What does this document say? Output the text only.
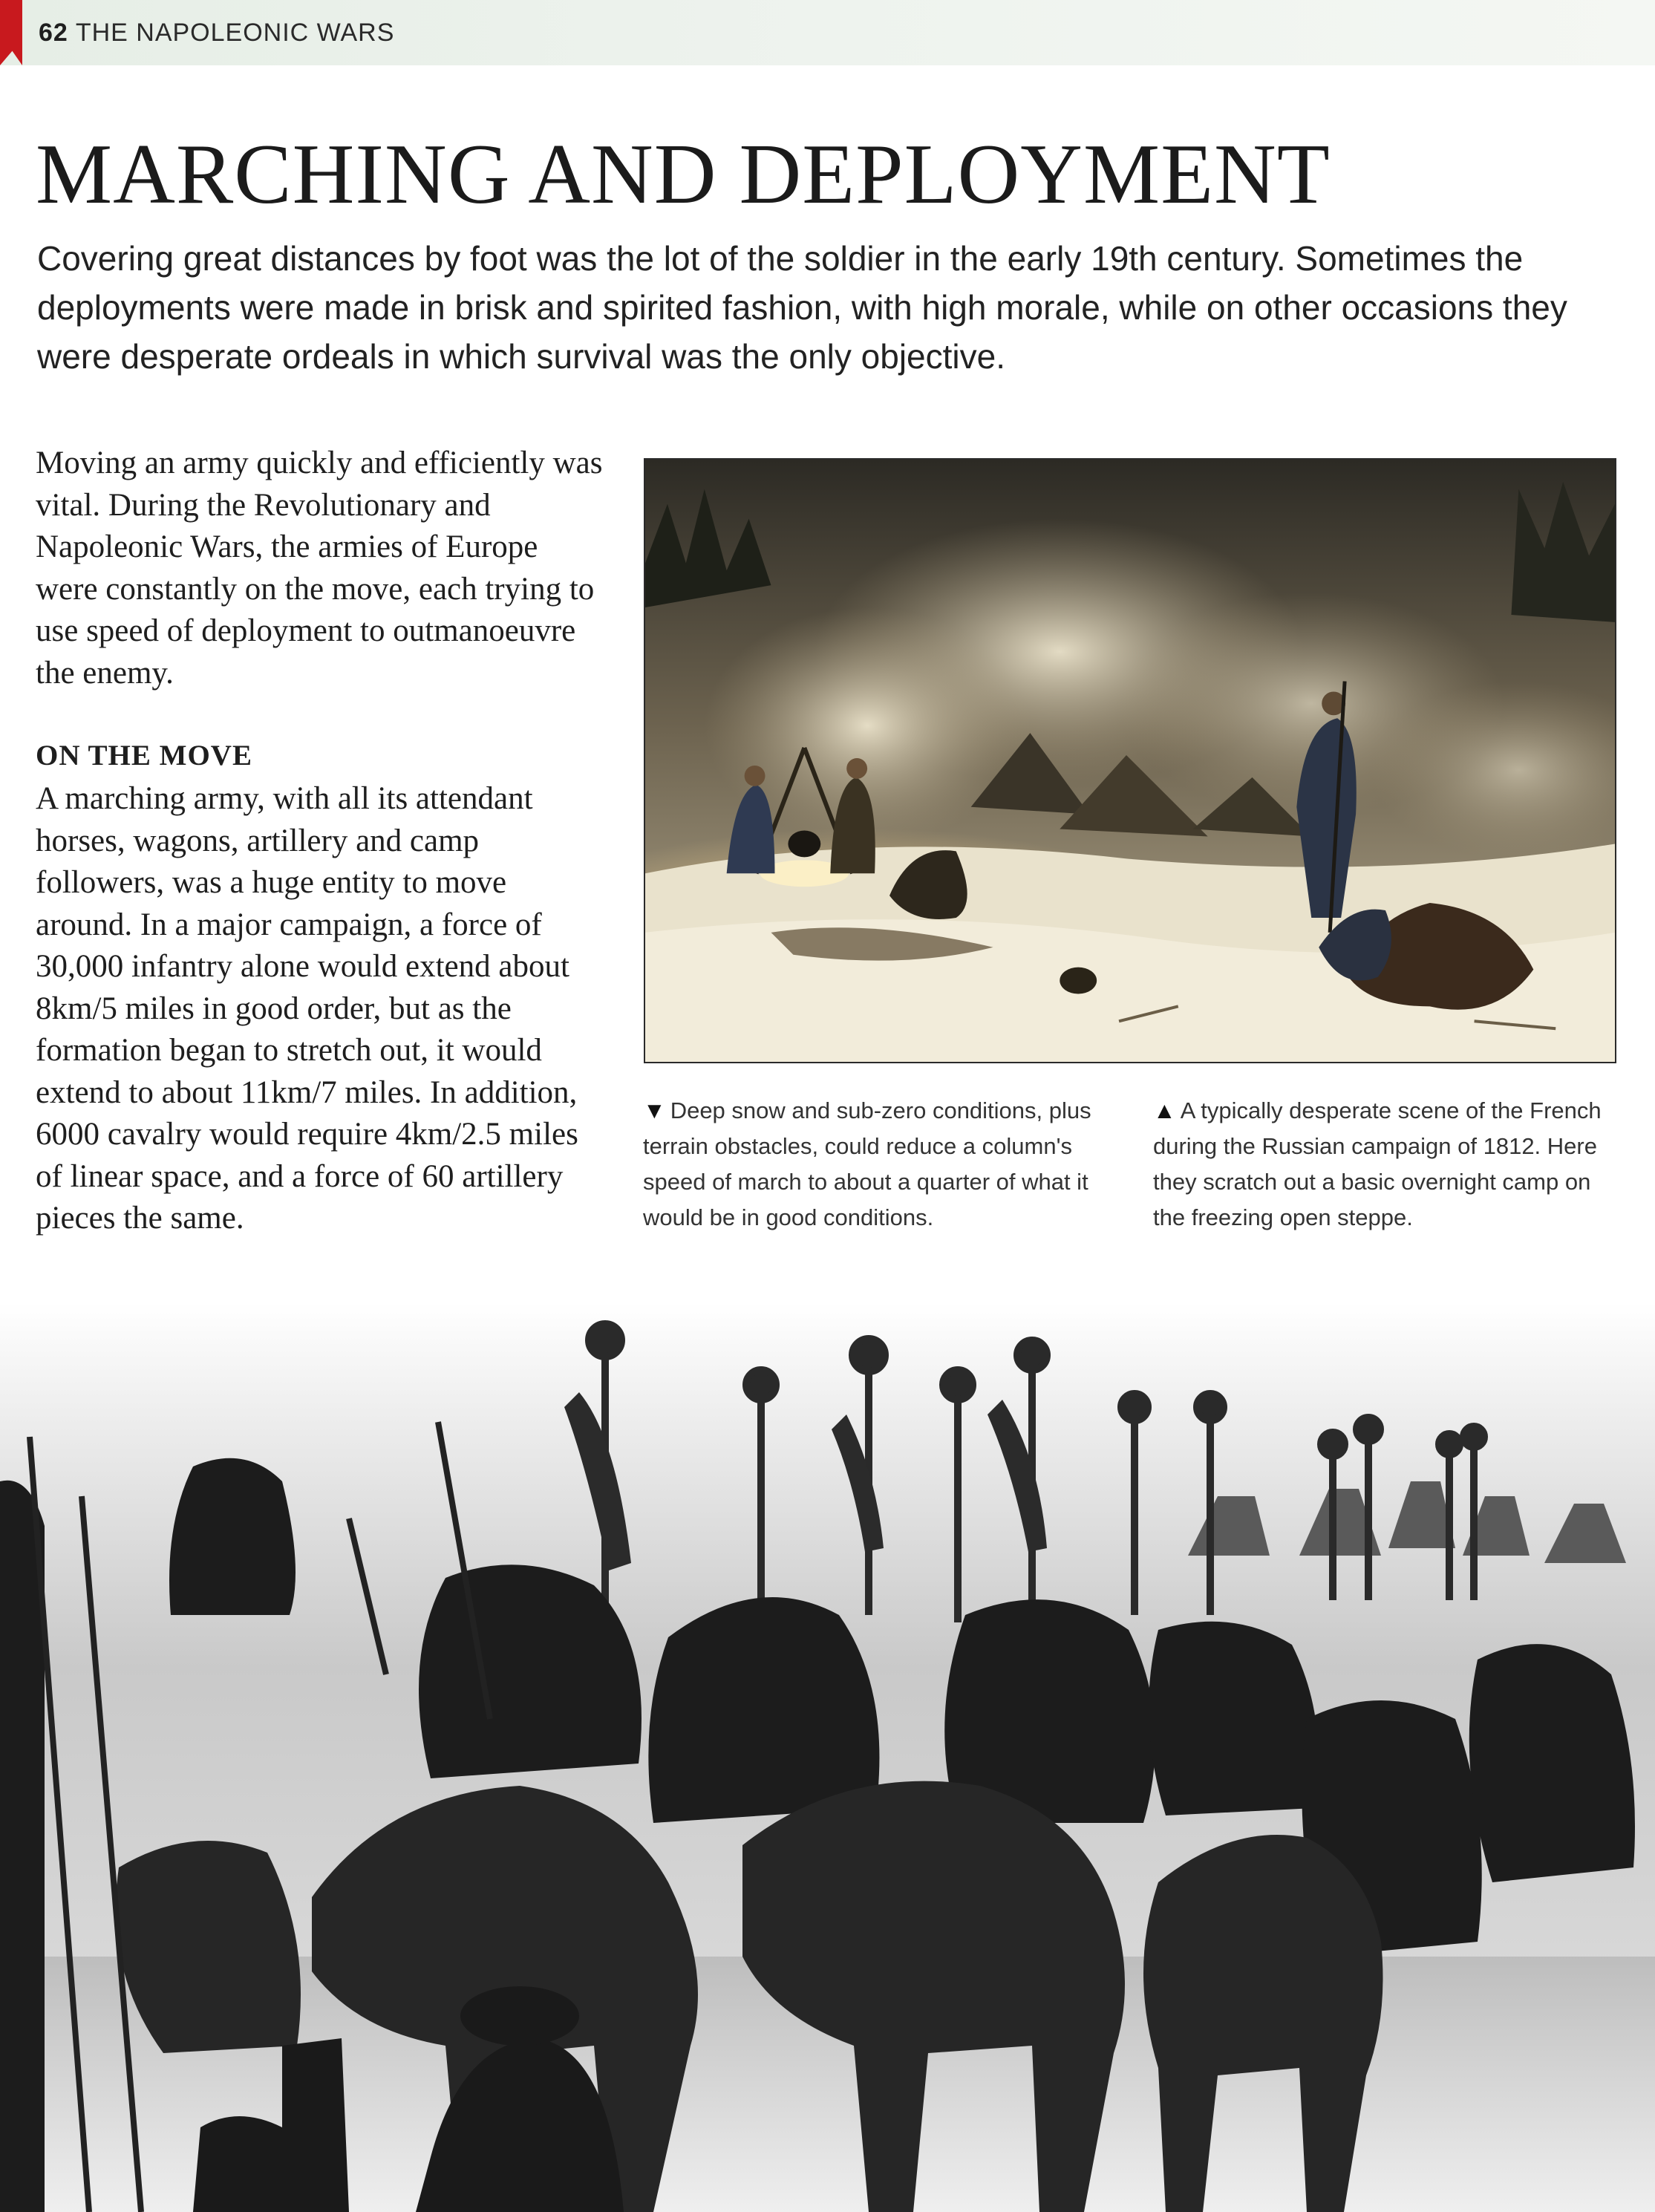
62 THE NAPOLEONIC WARS
MARCHING AND DEPLOYMENT

Covering great distances by foot was the lot of the soldier in the early 19th century. Sometimes the deployments were made in brisk and spirited fashion, with high morale, while on other occasions they were desperate ordeals in which survival was the only objective.

Moving an army quickly and efficiently was vital. During the Revolutionary and Napoleonic Wars, the armies of Europe were constantly on the move, each trying to use speed of deployment to outmanoeuvre the enemy.

ON THE MOVE

A marching army, with all its attendant horses, wagons, artillery and camp followers, was a huge entity to move around. In a major campaign, a force of 30,000 infantry alone would extend about 8km/5 miles in good order, but as the formation began to stretch out, it would extend to about 11km/7 miles. In addition, 6000 cavalry would require 4km/2.5 miles of linear space, and a force of 60 artillery pieces the same.

▼ Deep snow and sub-zero conditions, plus terrain obstacles, could reduce a column's speed of march to about a quarter of what it would be in good conditions.

▲ A typically desperate scene of the French during the Russian campaign of 1812. Here they scratch out a basic overnight camp on the freezing open steppe.
